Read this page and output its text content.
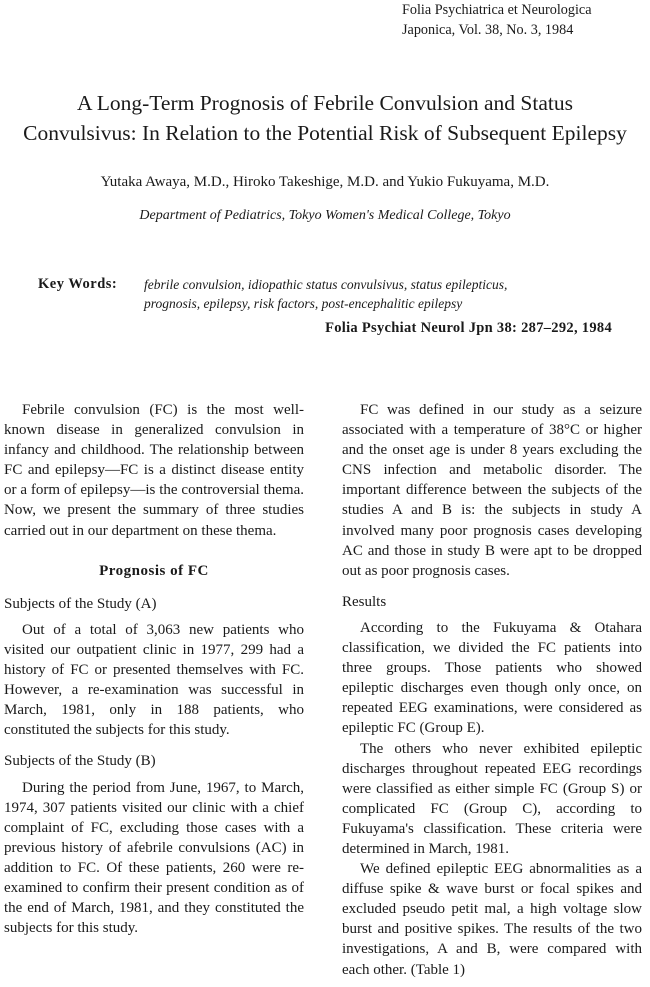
Folia Psychiatrica et Neurologica
Japonica, Vol. 38, No. 3, 1984
A Long-Term Prognosis of Febrile Convulsion and Status
Convulsivus: In Relation to the Potential Risk of Subsequent Epilepsy
Yutaka Awaya, M.D., Hiroko Takeshige, M.D. and Yukio Fukuyama, M.D.
Department of Pediatrics, Tokyo Women's Medical College, Tokyo
Key Words: febrile convulsion, idiopathic status convulsivus, status epilepticus,
prognosis, epilepsy, risk factors, post-encephalitic epilepsy
Folia Psychiat Neurol Jpn 38: 287–292, 1984

Febrile convulsion (FC) is the most well-known disease in generalized convulsion in infancy and childhood. The relationship between FC and epilepsy—FC is a distinct disease entity or a form of epilepsy—is the controversial thema. Now, we present the summary of three studies carried out in our department on these thema.

Prognosis of FC
Subjects of the Study (A)

Out of a total of 3,063 new patients who visited our outpatient clinic in 1977, 299 had a history of FC or presented themselves with FC. However, a re-examination was successful in March, 1981, only in 188 patients, who constituted the subjects for this study.

Subjects of the Study (B)

During the period from June, 1967, to March, 1974, 307 patients visited our clinic with a chief complaint of FC, excluding those cases with a previous history of afebrile convulsions (AC) in addition to FC. Of these patients, 260 were re-examined to confirm their present condition as of the end of March, 1981, and they constituted the subjects for this study.

FC was defined in our study as a seizure associated with a temperature of 38°C or higher and the onset age is under 8 years excluding the CNS infection and metabolic disorder. The important difference between the subjects of the studies A and B is: the subjects in study A involved many poor prognosis cases developing AC and those in study B were apt to be dropped out as poor prognosis cases.

Results

According to the Fukuyama & Otahara classification, we divided the FC patients into three groups. Those patients who showed epileptic discharges even though only once, on repeated EEG examinations, were considered as epileptic FC (Group E).

The others who never exhibited epileptic discharges throughout repeated EEG recordings were classified as either simple FC (Group S) or complicated FC (Group C), according to Fukuyama's classification. These criteria were determined in March, 1981.

We defined epileptic EEG abnormalities as a diffuse spike & wave burst or focal spikes and excluded pseudo petit mal, a high voltage slow burst and positive spikes. The results of the two investigations, A and B, were compared with each other. (Table 1)
